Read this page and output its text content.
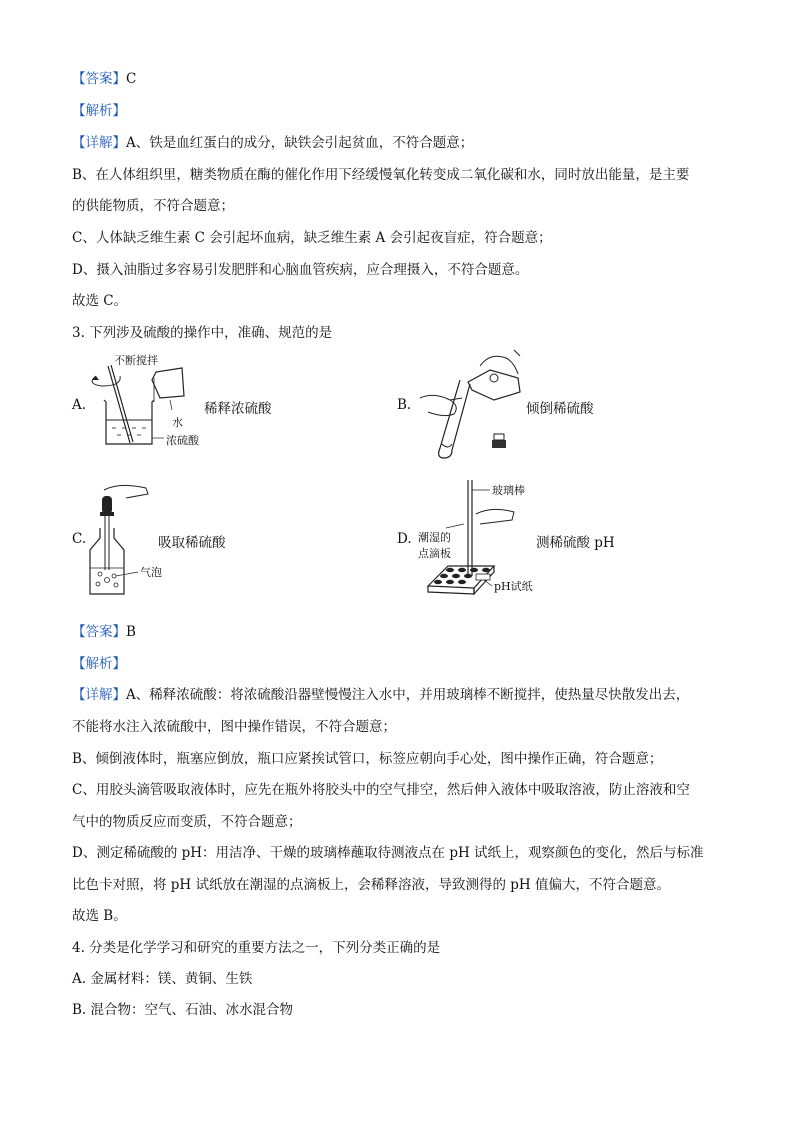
【答案】C
【解析】
【详解】A、铁是血红蛋白的成分，缺铁会引起贫血，不符合题意；
B、在人体组织里，糖类物质在酶的催化作用下经缓慢氧化转变成二氧化碳和水，同时放出能量，是主要
的供能物质，不符合题意；
C、人体缺乏维生素 C 会引起坏血病，缺乏维生素 A 会引起夜盲症，符合题意；
D、摄入油脂过多容易引发肥胖和心脑血管疾病，应合理摄入，不符合题意。
故选 C。
3. 下列涉及硫酸的操作中，准确、规范的是
A.
不断搅拌
水
浓硫酸
稀释浓硫酸	B.	倾倒稀硫酸
C.
气泡
吸取稀硫酸	D.
玻璃棒
潮湿的
点滴板
pH试纸
测稀硫酸 pH
【答案】B
【解析】
【详解】A、稀释浓硫酸：将浓硫酸沿器壁慢慢注入水中，并用玻璃棒不断搅拌，使热量尽快散发出去，
不能将水注入浓硫酸中，图中操作错误，不符合题意；
B、倾倒液体时，瓶塞应倒放，瓶口应紧挨试管口，标签应朝向手心处，图中操作正确，符合题意；
C、用胶头滴管吸取液体时，应先在瓶外将胶头中的空气排空，然后伸入液体中吸取溶液，防止溶液和空
气中的物质反应而变质，不符合题意；
D、测定稀硫酸的 pH：用洁净、干燥的玻璃棒蘸取待测液点在 pH 试纸上，观察颜色的变化，然后与标准
比色卡对照，将 pH 试纸放在潮湿的点滴板上，会稀释溶液，导致测得的 pH 值偏大，不符合题意。
故选 B。
4. 分类是化学学习和研究的重要方法之一，下列分类正确的是
A. 金属材料：镁、黄铜、生铁
B. 混合物：空气、石油、冰水混合物
